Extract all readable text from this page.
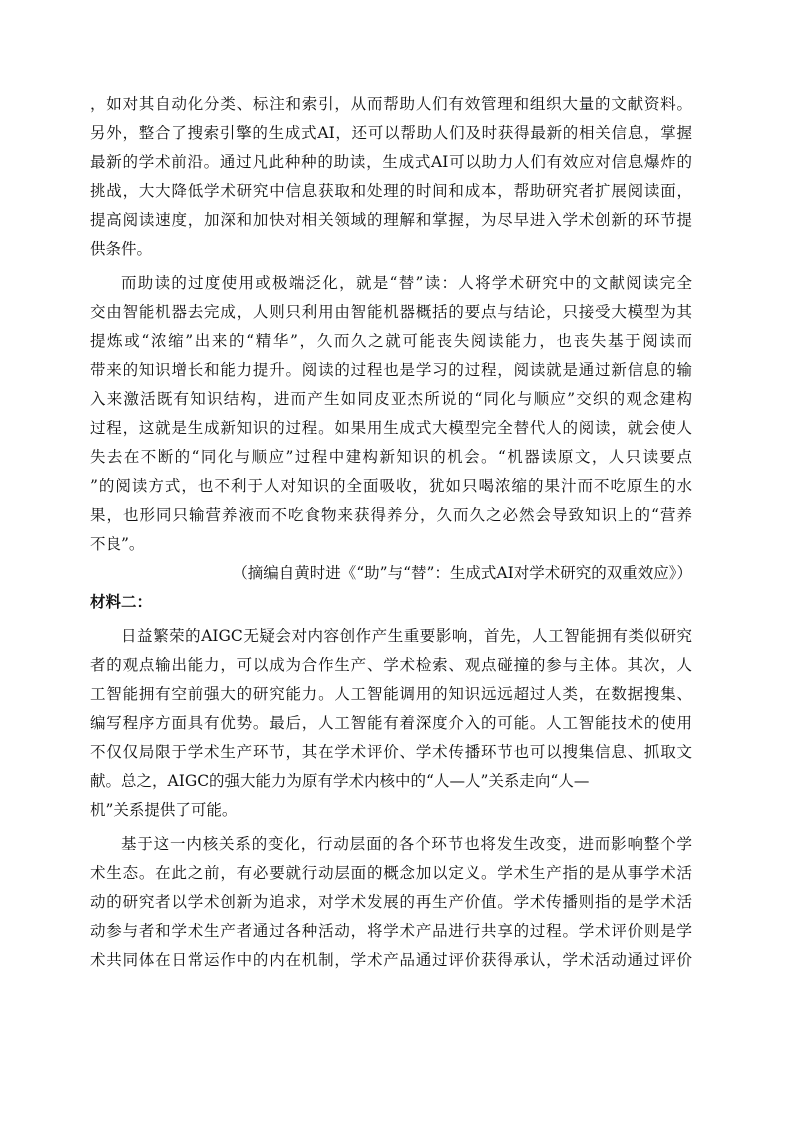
，如对其自动化分类、标注和索引，从而帮助人们有效管理和组织大量的文献资料。
另外，整合了搜索引擎的生成式AI，还可以帮助人们及时获得最新的相关信息，掌握
最新的学术前沿。通过凡此种种的助读，生成式AI可以助力人们有效应对信息爆炸的
挑战，大大降低学术研究中信息获取和处理的时间和成本，帮助研究者扩展阅读面，
提高阅读速度，加深和加快对相关领域的理解和掌握，为尽早进入学术创新的环节提
供条件。
而助读的过度使用或极端泛化，就是“替”读：人将学术研究中的文献阅读完全
交由智能机器去完成，人则只利用由智能机器概括的要点与结论，只接受大模型为其
提炼或“浓缩”出来的“精华”，久而久之就可能丧失阅读能力，也丧失基于阅读而
带来的知识增长和能力提升。阅读的过程也是学习的过程，阅读就是通过新信息的输
入来激活既有知识结构，进而产生如同皮亚杰所说的“同化与顺应”交织的观念建构
过程，这就是生成新知识的过程。如果用生成式大模型完全替代人的阅读，就会使人
失去在不断的“同化与顺应”过程中建构新知识的机会。“机器读原文，人只读要点
”的阅读方式，也不利于人对知识的全面吸收，犹如只喝浓缩的果汁而不吃原生的水
果，也形同只输营养液而不吃食物来获得养分，久而久之必然会导致知识上的“营养
不良”。
（摘编自黄时进《“助”与“替”：生成式AI对学术研究的双重效应》）
材料二：
日益繁荣的AIGC无疑会对内容创作产生重要影响，首先，人工智能拥有类似研究
者的观点输出能力，可以成为合作生产、学术检索、观点碰撞的参与主体。其次，人
工智能拥有空前强大的研究能力。人工智能调用的知识远远超过人类，在数据搜集、
编写程序方面具有优势。最后，人工智能有着深度介入的可能。人工智能技术的使用
不仅仅局限于学术生产环节，其在学术评价、学术传播环节也可以搜集信息、抓取文
献。总之，AIGC的强大能力为原有学术内核中的“人—人”关系走向“人—
机”关系提供了可能。
基于这一内核关系的变化，行动层面的各个环节也将发生改变，进而影响整个学
术生态。在此之前，有必要就行动层面的概念加以定义。学术生产指的是从事学术活
动的研究者以学术创新为追求，对学术发展的再生产价值。学术传播则指的是学术活
动参与者和学术生产者通过各种活动，将学术产品进行共享的过程。学术评价则是学
术共同体在日常运作中的内在机制，学术产品通过评价获得承认，学术活动通过评价
